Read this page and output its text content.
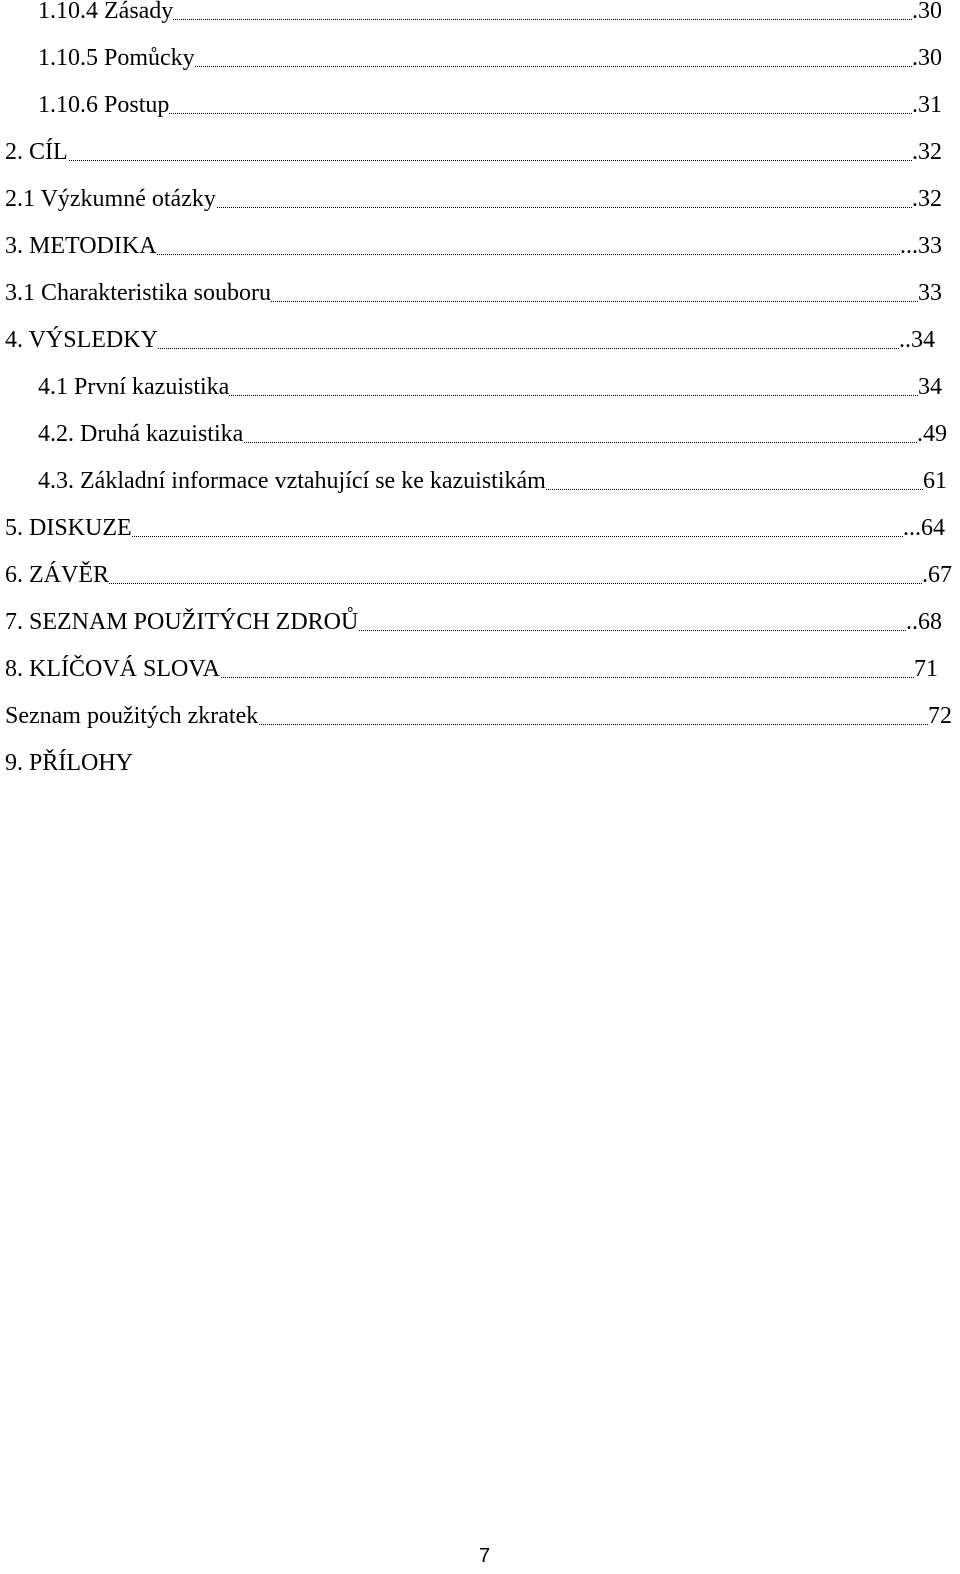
1.10.4 Zásady	.30
1.10.5 Pomůcky	.30
1.10.6 Postup	.31
2. CÍL	.32
2.1 Výzkumné otázky	.32
3. METODIKA	...33
3.1 Charakteristika souboru	33
4. VÝSLEDKY	..34
4.1 První kazuistika	34
4.2. Druhá kazuistika	.49
4.3. Základní informace vztahující se ke kazuistikám	61
5. DISKUZE	...64
6. ZÁVĚR	.67
7. SEZNAM POUŽITÝCH ZDROŮ	..68
8. KLÍČOVÁ SLOVA	71
Seznam použitých zkratek	72
9. PŘÍLOHY
7
